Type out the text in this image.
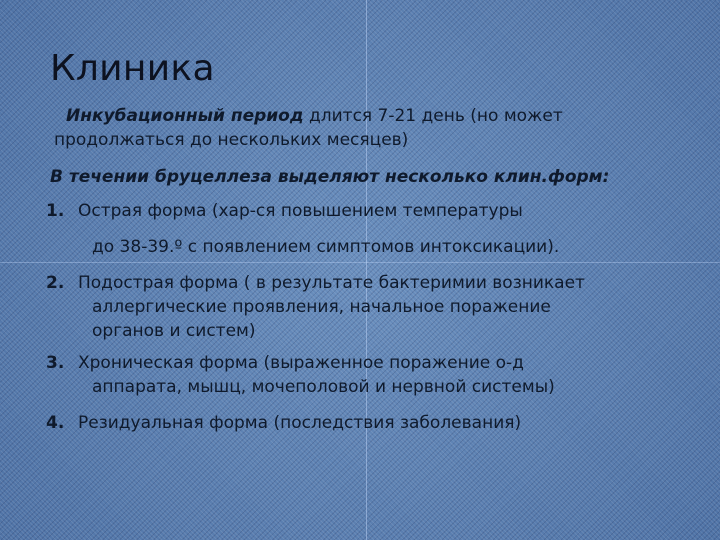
Клиника
Инкубационный период длится 7-21 день (но может
продолжаться до нескольких месяцев)
В течении бруцеллеза выделяют несколько клин.форм:
1. Острая форма (хар-ся повышением температуры
до 38-39.º с появлением симптомов интоксикации).
2. Подострая форма ( в результате бактеримии возникает
аллергические проявления, начальное поражение
органов и систем)
3. Хроническая форма (выраженное поражение о-д
аппарата, мышц, мочеполовой и нервной системы)
4. Резидуальная форма (последствия заболевания)
